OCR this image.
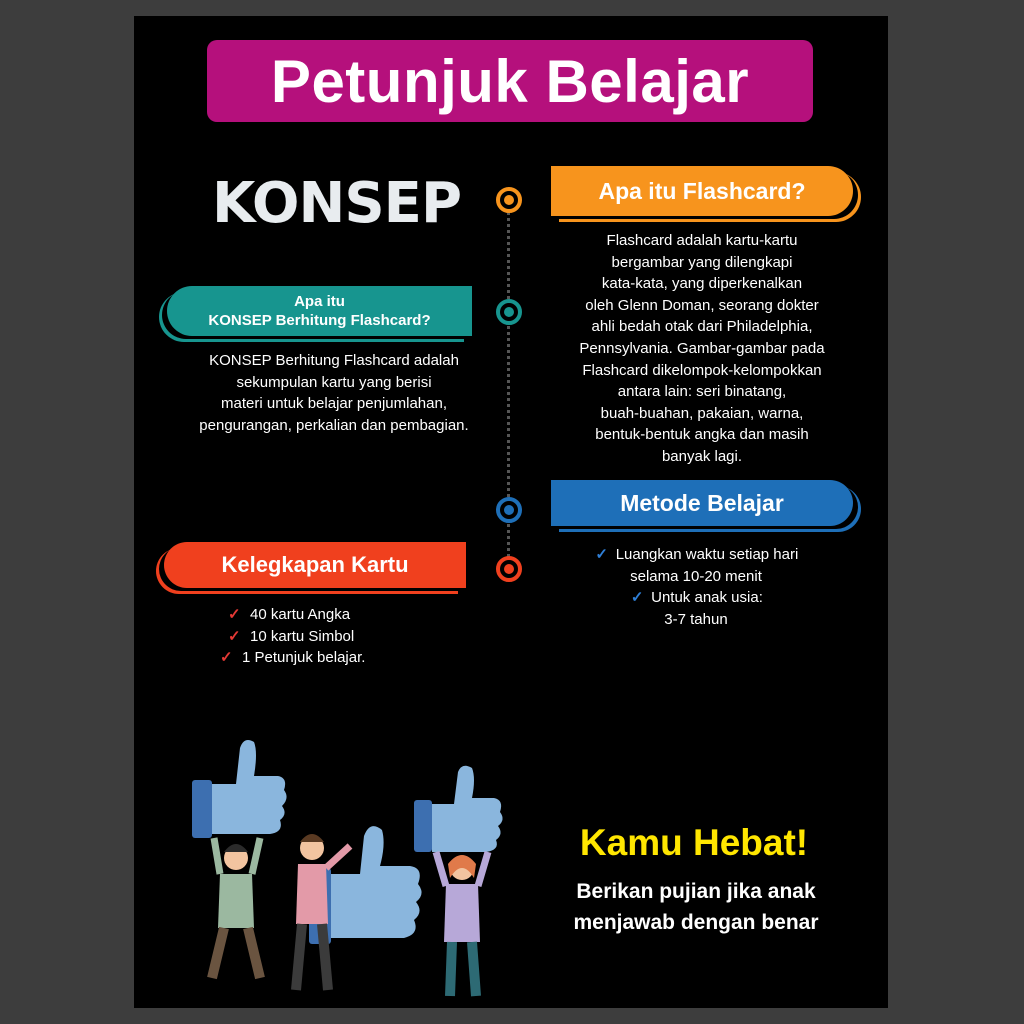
Petunjuk Belajar
KONSEP	Apa itu Flashcard?
Flashcard adalah kartu-kartu
bergambar yang dilengkapi
kata-kata, yang diperkenalkan
oleh Glenn Doman, seorang dokter
ahli bedah otak dari Philadelphia,
Pennsylvania. Gambar-gambar pada
Flashcard dikelompok-kelompokkan
antara lain: seri binatang,
buah-buahan, pakaian, warna,
bentuk-bentuk angka dan masih
banyak lagi.
Apa itu
KONSEP Berhitung Flashcard?
KONSEP Berhitung Flashcard adalah
sekumpulan kartu yang berisi
materi untuk belajar penjumlahan,
pengurangan, perkalian dan pembagian.
Metode Belajar
✓ Luangkan waktu setiap hari
selama 10-20 menit
✓ Untuk anak usia:
3-7 tahun
Kelegkapan Kartu
✓ 40 kartu Angka
✓ 10 kartu Simbol
✓ 1 Petunjuk belajar.
Kamu Hebat!
Berikan pujian jika anak
menjawab dengan benar
